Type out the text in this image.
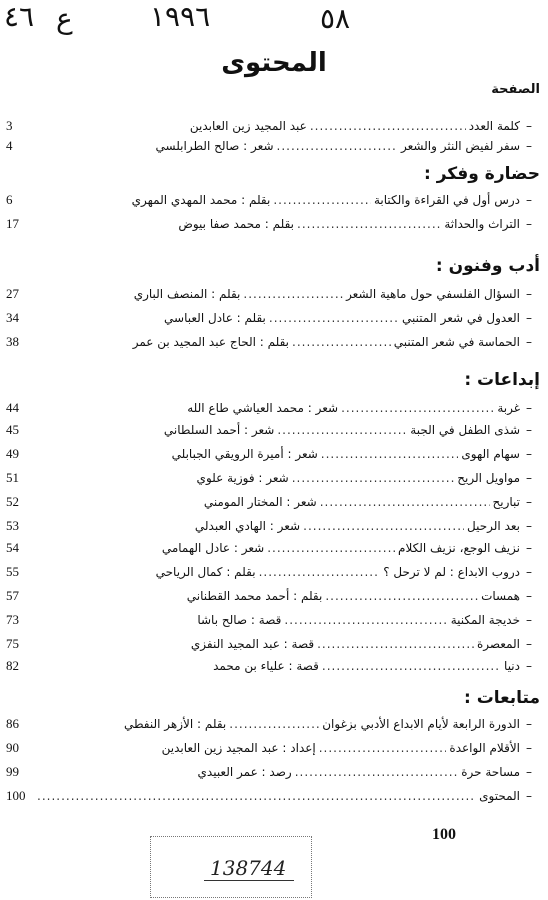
٥٨
١٩٩٦
ع
٤٦
المحتوى
الصفحة
–
كلمة العدد
.....
عبد المجيد زين العابدين
3
–
سفر لفيض النثر والشعر
.....
شعر : صالح الطرابلسي
4
حضارة وفكر :
–
درس أول في القراءة والكتابة
.....
بقلم : محمد المهدي المهري
6
–
التراث والحداثة
.....
بقلم : محمد صفا بيوض
17
أدب وفنون :
–
السؤال الفلسفي حول ماهية الشعر
.....
بقلم : المنصف الباري
27
–
العدول في شعر المتنبي
.....
بقلم : عادل العباسي
34
–
الحماسة في شعر المتنبي
.....
بقلم : الحاج عبد المجيد بن عمر
38
إبداعات :
–
غربة
.....
شعر : محمد العياشي طاع الله
44
–
شذى الطفل في الجبة
.....
شعر : أحمد السلطاني
45
–
سهام الهوى
.....
شعر : أميرة الرويقي الجبابلي
49
–
مواويل الريح
.....
شعر : فوزية علوي
51
–
تباريح
.....
شعر : المختار المومني
52
–
بعد الرحيل
.....
شعر : الهادي العبدلي
53
–
نزيف الوجع، نزيف الكلام
.....
شعر : عادل الهمامي
54
–
دروب الابداع : لم لا ترحل ؟
.....
بقلم : كمال الرياحي
55
–
همسات
.....
بقلم : أحمد محمد القطناني
57
–
خديجة المكنية
.....
قصة : صالح باشا
73
–
المعصرة
.....
قصة : عبد المجيد النفزي
75
–
دنيا
.....
قصة : علياء بن محمد
82
متابعات :
–
الدورة الرابعة لأيام الابداع الأدبي بزغوان
.....
بقلم : الأزهر النفطي
86
–
الأقلام الواعدة
.....
إعداد : عبد المجيد زين العابدين
90
–
مساحة حرة
.....
رصد : عمر العبيدي
99
–
المحتوى
.....
100
100
138744
